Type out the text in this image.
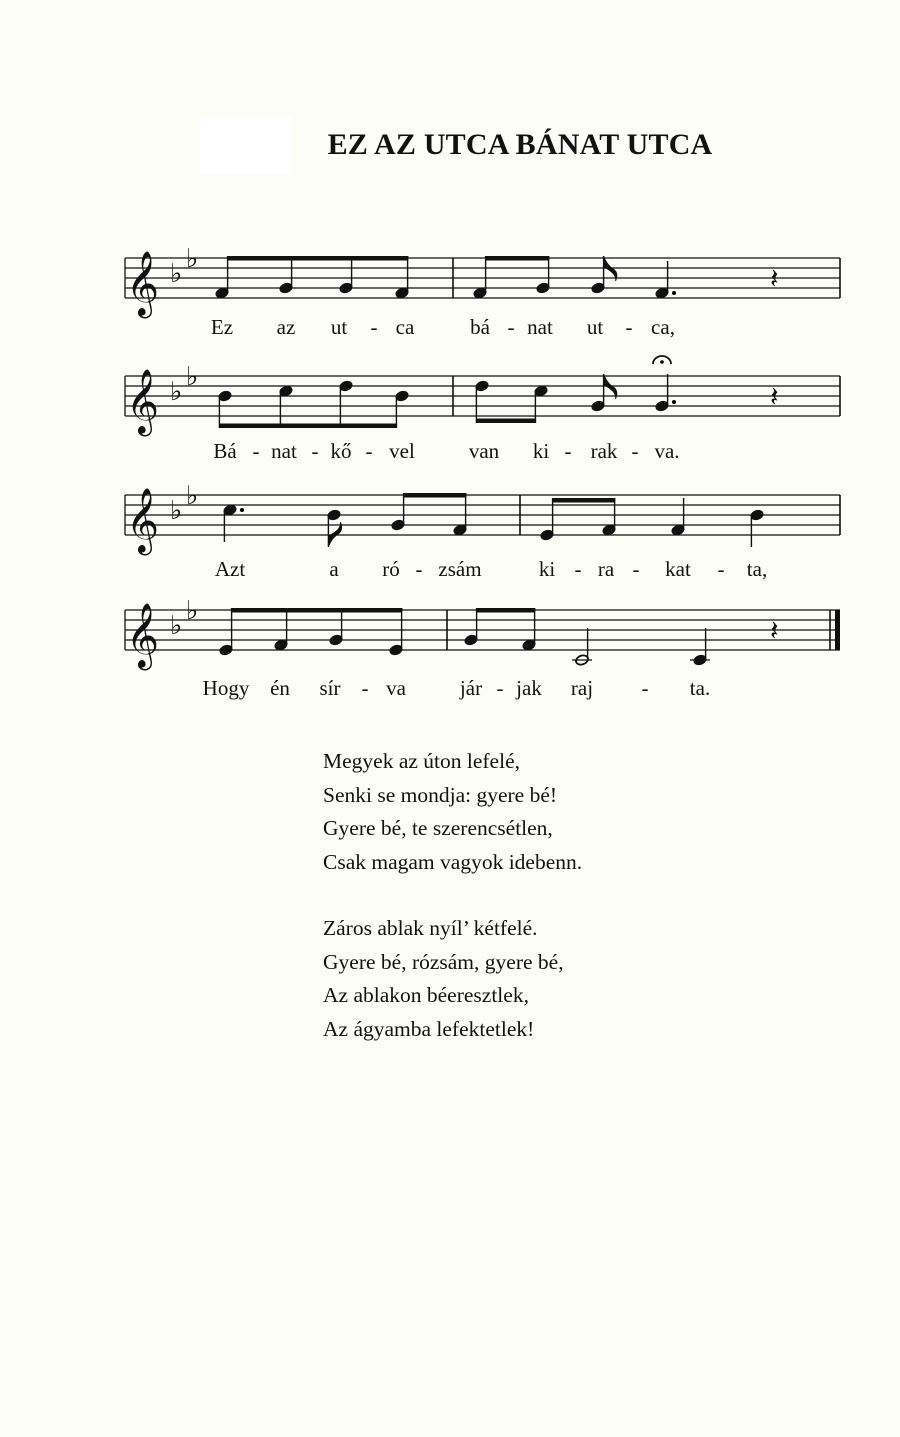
EZ AZ UTCA BÁNAT UTCA
𝄞 ♭ ♭
𝄽
Ez az ut - ca	bá - nat ut - ca,
𝄞 ♭ ♭
𝄽
Bá - nat - kő - vel	van ki - rak - va.
𝄞 ♭ ♭
Azt	a ró - zsám	ki - ra - kat - ta,
𝄞 ♭ ♭
𝄽
Hogy én sír - va	jár - jak raj - ta.
Megyek az úton lefelé,
Senki se mondja: gyere bé!
Gyere bé, te szerencsétlen,
Csak magam vagyok idebenn.
Záros ablak nyíl’ kétfelé.
Gyere bé, rózsám, gyere bé,
Az ablakon béeresztlek,
Az ágyamba lefektetlek!
